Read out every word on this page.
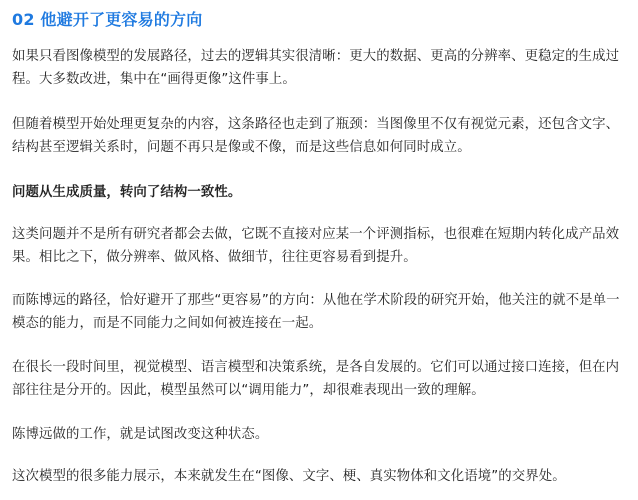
02 他避开了更容易的方向

如果只看图像模型的发展路径，过去的逻辑其实很清晰：更大的数据、更高的分辨率、更稳定的生成过程。大多数改进，集中在“画得更像”这件事上。

但随着模型开始处理更复杂的内容，这条路径也走到了瓶颈：当图像里不仅有视觉元素，还包含文字、结构甚至逻辑关系时，问题不再只是像或不像，而是这些信息如何同时成立。

问题从生成质量，转向了结构一致性。

这类问题并不是所有研究者都会去做，它既不直接对应某一个评测指标，也很难在短期内转化成产品效果。相比之下，做分辨率、做风格、做细节，往往更容易看到提升。

而陈博远的路径，恰好避开了那些“更容易”的方向：从他在学术阶段的研究开始，他关注的就不是单一模态的能力，而是不同能力之间如何被连接在一起。

在很长一段时间里，视觉模型、语言模型和决策系统，是各自发展的。它们可以通过接口连接，但在内部往往是分开的。因此，模型虽然可以“调用能力”，却很难表现出一致的理解。

陈博远做的工作，就是试图改变这种状态。

这次模型的很多能力展示，本来就发生在“图像、文字、梗、真实物体和文化语境”的交界处。
